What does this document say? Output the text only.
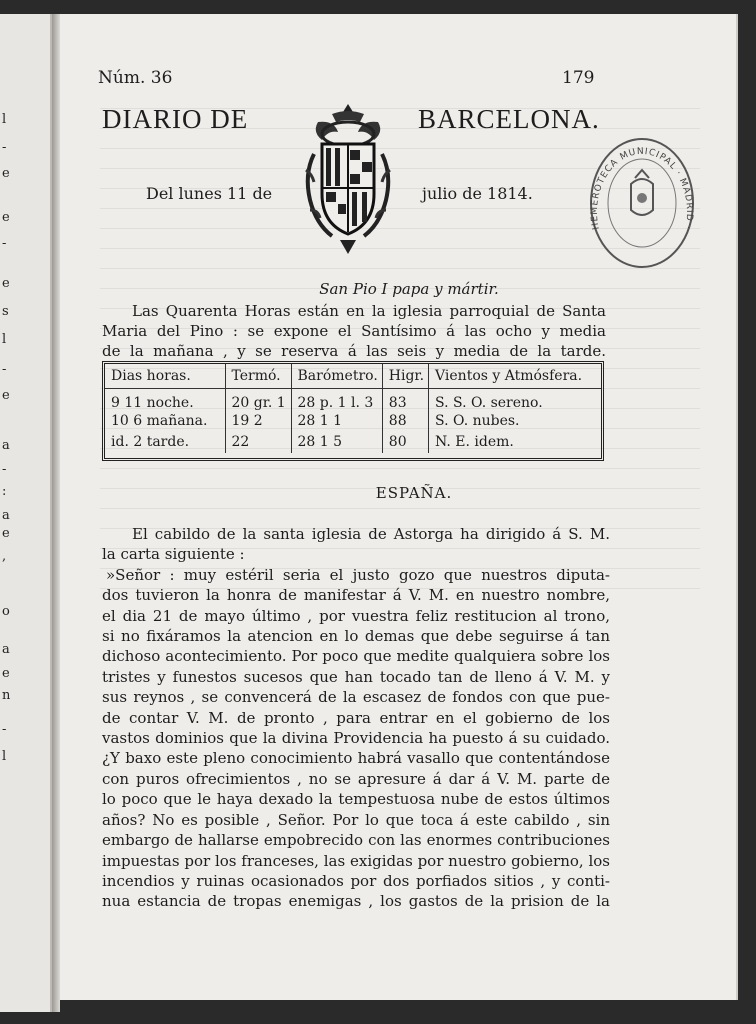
l
-
e
e
-
e
s
l
-
e
a
-
:
a
e
,
o
a
e
n
-
l
Núm. 36	179
DIARIO DE	BARCELONA.
Del lunes 11 de	julio de 1814.
HEMEROTECA MUNICIPAL · MADRID ·
San Pio I papa y mártir.
Las Quarenta Horas están en la iglesia parroquial de Santa
Maria del Pino : se expone el Santísimo á las ocho y media
de la mañana , y se reserva á las seis y media de la tarde.
Dias horas.	Termó.	Barómetro.	Higr.	Vientos y Atmósfera.
9 11 noche.	20 gr. 1	28 p. 1 l. 3	83	S. S. O. sereno.
10 6 mañana.	19 2	28 1 1	88	S. O. nubes.
id. 2 tarde.	22	28 1 5	80	N. E. idem.
ESPAÑA.
El cabildo de la santa iglesia de Astorga ha dirigido á S. M.
la carta siguiente :
»Señor : muy estéril seria el justo gozo que nuestros diputa-
dos tuvieron la honra de manifestar á V. M. en nuestro nombre,
el dia 21 de mayo último , por vuestra feliz restitucion al trono,
si no fixáramos la atencion en lo demas que debe seguirse á tan
dichoso acontecimiento. Por poco que medite qualquiera sobre los
tristes y funestos sucesos que han tocado tan de lleno á V. M. y
sus reynos , se convencerá de la escasez de fondos con que pue-
de contar V. M. de pronto , para entrar en el gobierno de los
vastos dominios que la divina Providencia ha puesto á su cuidado.
¿Y baxo este pleno conocimiento habrá vasallo que contentándose
con puros ofrecimientos , no se apresure á dar á V. M. parte de
lo poco que le haya dexado la tempestuosa nube de estos últimos
años? No es posible , Señor. Por lo que toca á este cabildo , sin
embargo de hallarse empobrecido con las enormes contribuciones
impuestas por los franceses, las exigidas por nuestro gobierno, los
incendios y ruinas ocasionados por dos porfiados sitios , y conti-
nua estancia de tropas enemigas , los gastos de la prision de la
